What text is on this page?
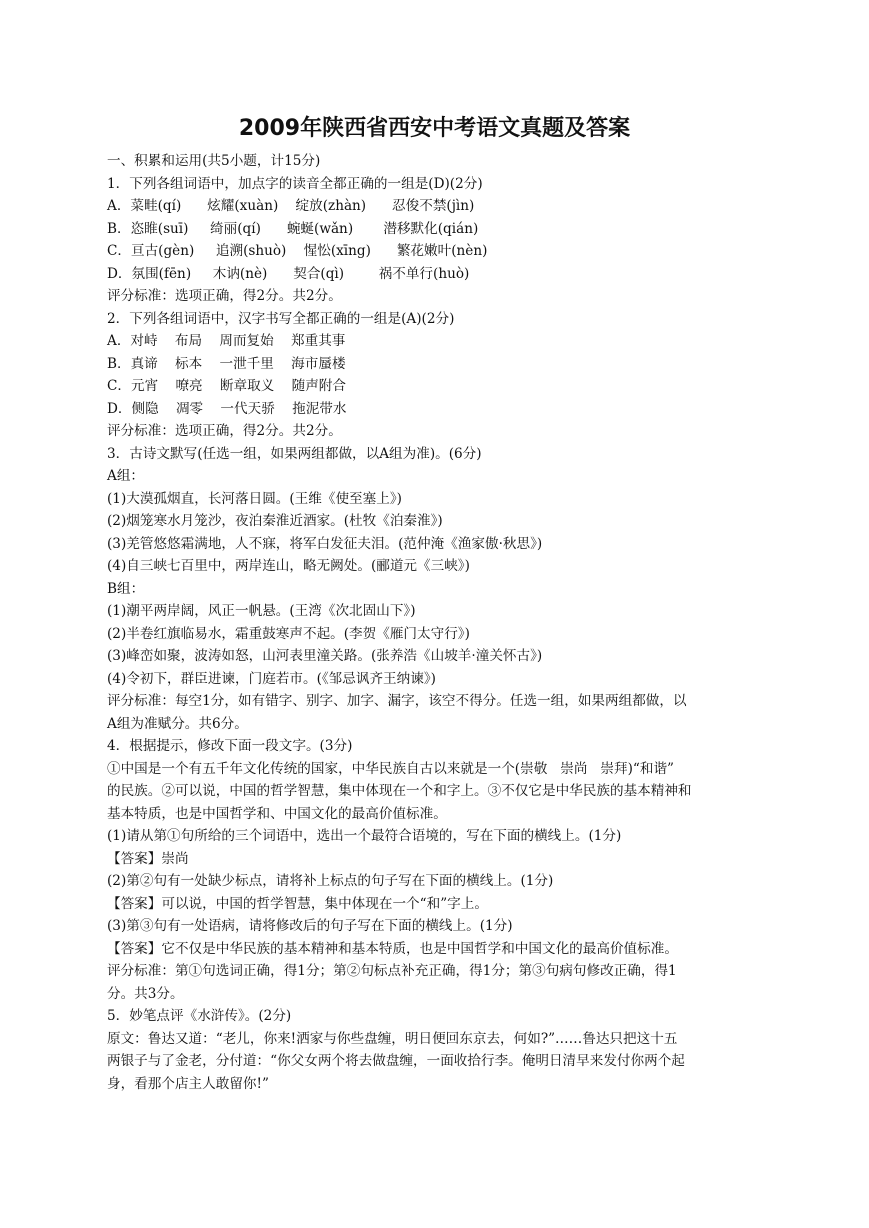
2009年陕西省西安中考语文真题及答案
一、积累和运用(共5小题，计15分)
1．下列各组词语中，加点字的读音全都正确的一组是(D)(2分)
A．菜畦(qí)      炫耀(xuàn)    绽放(zhàn)      忍俊不禁(jìn)
B．恣睢(suī)     绮丽(qí)      蜿蜒(wǎn)       潜移默化(qián)
C．亘古(gèn)     追溯(shuò)    惺忪(xīng)      繁花嫩叶(nèn)
D．氛围(fēn)     木讷(nè)      契合(qì)        祸不单行(huò)
评分标准：选项正确，得2分。共2分。
2．下列各组词语中，汉字书写全都正确的一组是(A)(2分)
A．对峙    布局    周而复始    郑重其事
B．真谛    标本    一泄千里    海市蜃楼
C．元宵    嘹亮    断章取义    随声附合
D．侧隐    凋零    一代天骄    拖泥带水
评分标准：选项正确，得2分。共2分。
3．古诗文默写(任选一组，如果两组都做，以A组为准)。(6分)
A组：
(1)大漠孤烟直，长河落日圆。(王维《使至塞上》)
(2)烟笼寒水月笼沙，夜泊秦淮近酒家。(杜牧《泊秦淮》)
(3)羌管悠悠霜满地，人不寐，将军白发征夫泪。(范仲淹《渔家傲·秋思》)
(4)自三峡七百里中，两岸连山，略无阙处。(郦道元《三峡》)
B组：
(1)潮平两岸阔，风正一帆悬。(王湾《次北固山下》)
(2)半卷红旗临易水，霜重鼓寒声不起。(李贺《雁门太守行》)
(3)峰峦如聚，波涛如怒，山河表里潼关路。(张养浩《山坡羊·潼关怀古》)
(4)令初下，群臣进谏，门庭若市。(《邹忌讽齐王纳谏》)
评分标准：每空1分，如有错字、别字、加字、漏字，该空不得分。任选一组，如果两组都做，以
A组为准赋分。共6分。
4．根据提示，修改下面一段文字。(3分)
①中国是一个有五千年文化传统的国家，中华民族自古以来就是一个(崇敬   崇尚   崇拜)“和谐”
的民族。②可以说，中国的哲学智慧，集中体现在一个和字上。③不仅它是中华民族的基本精神和
基本特质，也是中国哲学和、中国文化的最高价值标准。
(1)请从第①句所给的三个词语中，选出一个最符合语境的，写在下面的横线上。(1分)
【答案】崇尚
(2)第②句有一处缺少标点，请将补上标点的句子写在下面的横线上。(1分)
【答案】可以说，中国的哲学智慧，集中体现在一个“和”字上。
(3)第③句有一处语病，请将修改后的句子写在下面的横线上。(1分)
【答案】它不仅是中华民族的基本精神和基本特质，也是中国哲学和中国文化的最高价值标准。
评分标准：第①句选词正确，得1分；第②句标点补充正确，得1分；第③句病句修改正确，得1
分。共3分。
5．妙笔点评《水浒传》。(2分)
原文：鲁达又道：“老儿，你来!洒家与你些盘缠，明日便回东京去，何如?”……鲁达只把这十五
两银子与了金老，分付道：“你父女两个将去做盘缠，一面收拾行李。俺明日清早来发付你两个起
身，看那个店主人敢留你!”
